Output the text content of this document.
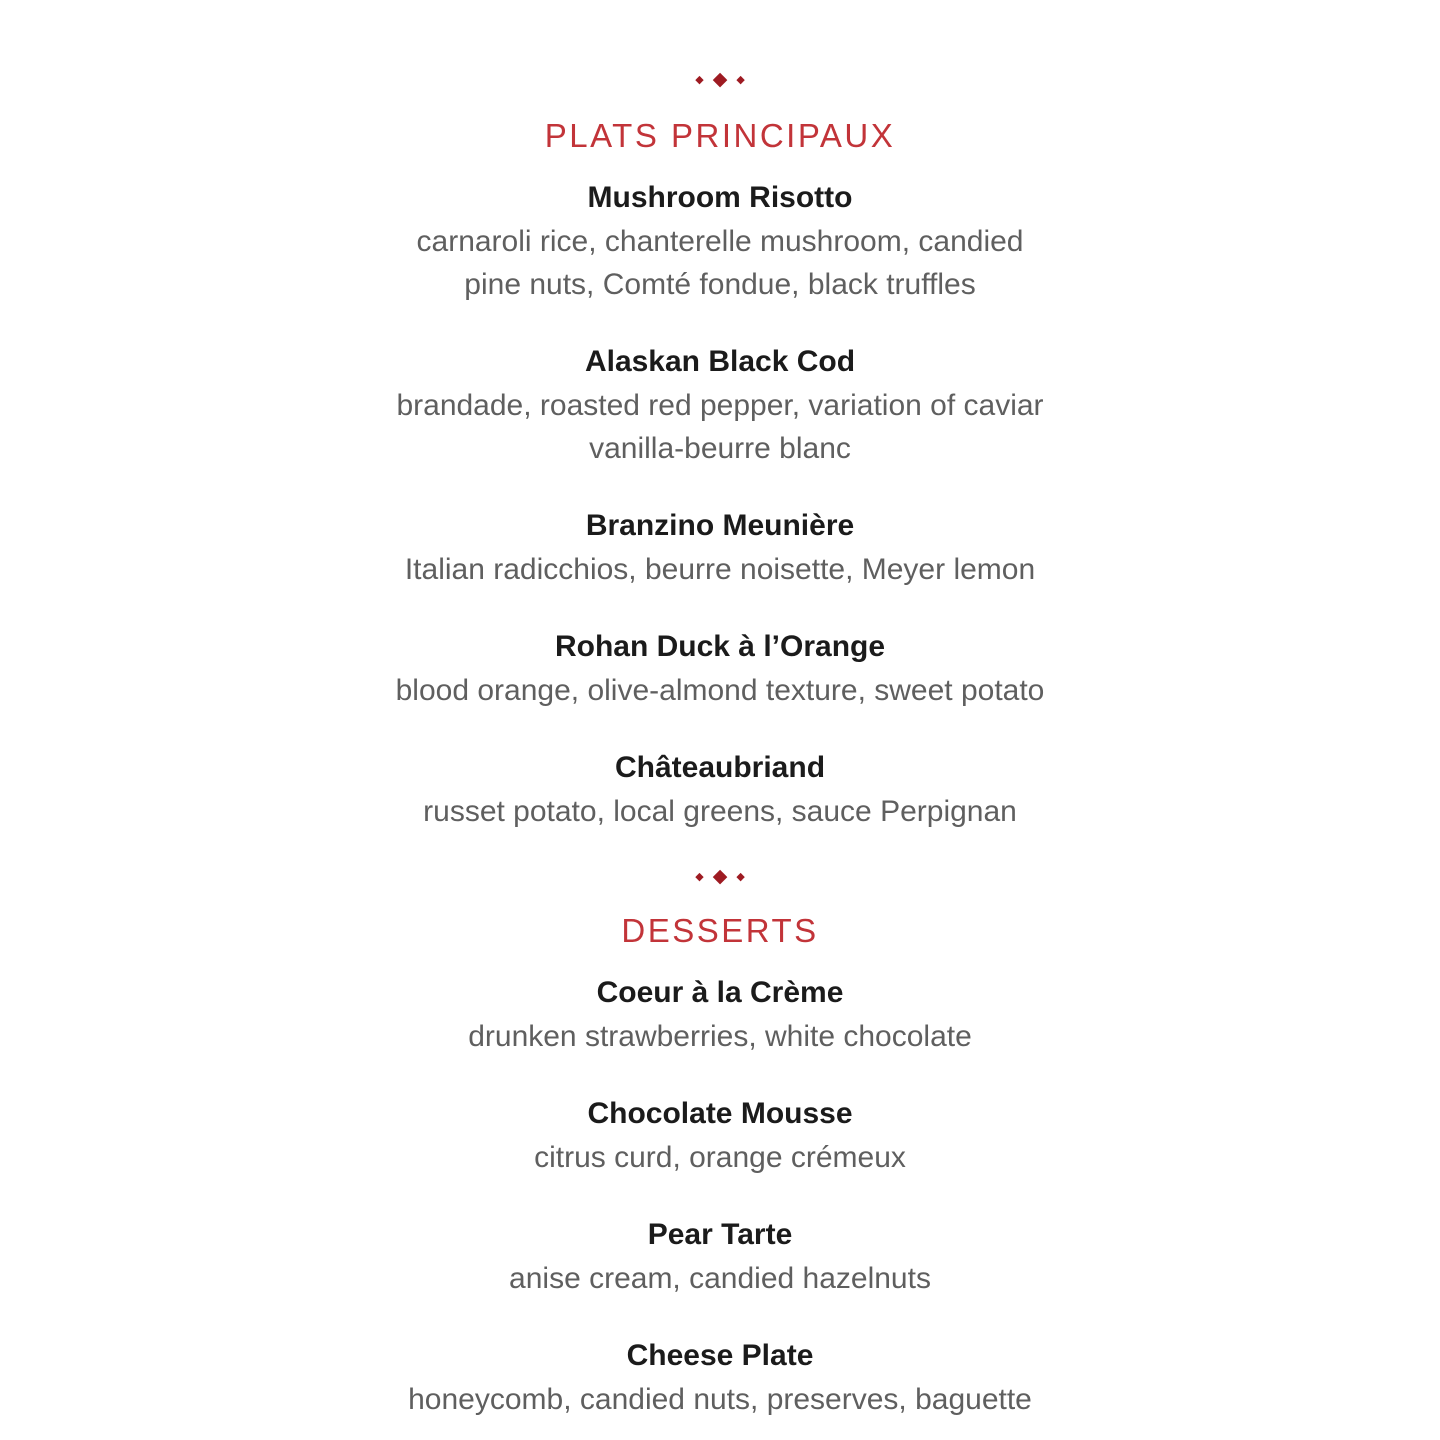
◆ ◆ ◆
PLATS PRINCIPAUX
Mushroom Risotto
carnaroli rice, chanterelle mushroom, candied
pine nuts, Comté fondue, black truffles
Alaskan Black Cod
brandade, roasted red pepper, variation of caviar
vanilla-beurre blanc
Branzino Meunière
Italian radicchios, beurre noisette, Meyer lemon
Rohan Duck à l’Orange
blood orange, olive-almond texture, sweet potato
Châteaubriand
russet potato, local greens, sauce Perpignan
◆ ◆ ◆
DESSERTS
Coeur à la Crème
drunken strawberries, white chocolate
Chocolate Mousse
citrus curd, orange crémeux
Pear Tarte
anise cream, candied hazelnuts
Cheese Plate
honeycomb, candied nuts, preserves, baguette
